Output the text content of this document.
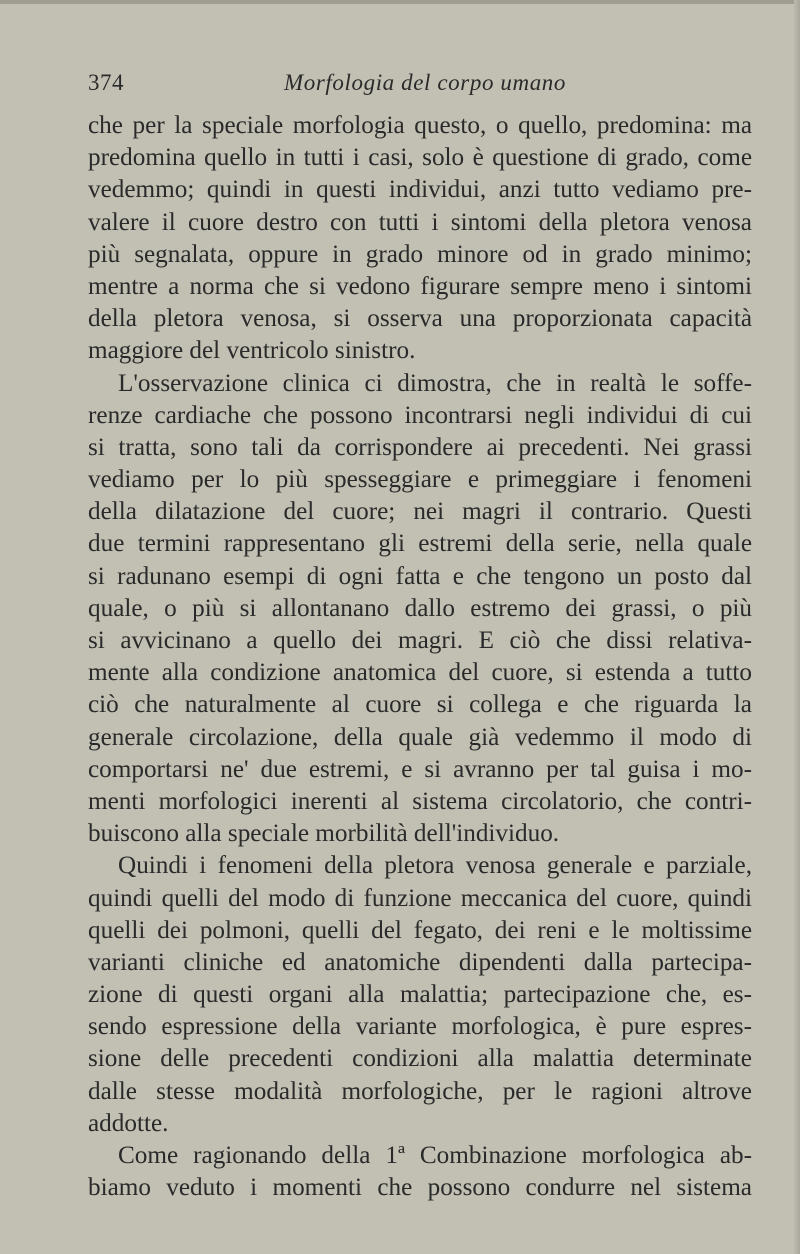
374	Morfologia del corpo umano
che per la speciale morfologia questo, o quello, predomina: ma
predomina quello in tutti i casi, solo è questione di grado, come
vedemmo; quindi in questi individui, anzi tutto vediamo pre-
valere il cuore destro con tutti i sintomi della pletora venosa
più segnalata, oppure in grado minore od in grado minimo;
mentre a norma che si vedono figurare sempre meno i sintomi
della pletora venosa, si osserva una proporzionata capacità
maggiore del ventricolo sinistro.
L'osservazione clinica ci dimostra, che in realtà le soffe-
renze cardiache che possono incontrarsi negli individui di cui
si tratta, sono tali da corrispondere ai precedenti. Nei grassi
vediamo per lo più spesseggiare e primeggiare i fenomeni
della dilatazione del cuore; nei magri il contrario. Questi
due termini rappresentano gli estremi della serie, nella quale
si radunano esempi di ogni fatta e che tengono un posto dal
quale, o più si allontanano dallo estremo dei grassi, o più
si avvicinano a quello dei magri. E ciò che dissi relativa-
mente alla condizione anatomica del cuore, si estenda a tutto
ciò che naturalmente al cuore si collega e che riguarda la
generale circolazione, della quale già vedemmo il modo di
comportarsi ne' due estremi, e si avranno per tal guisa i mo-
menti morfologici inerenti al sistema circolatorio, che contri-
buiscono alla speciale morbilità dell'individuo.
Quindi i fenomeni della pletora venosa generale e parziale,
quindi quelli del modo di funzione meccanica del cuore, quindi
quelli dei polmoni, quelli del fegato, dei reni e le moltissime
varianti cliniche ed anatomiche dipendenti dalla partecipa-
zione di questi organi alla malattia; partecipazione che, es-
sendo espressione della variante morfologica, è pure espres-
sione delle precedenti condizioni alla malattia determinate
dalle stesse modalità morfologiche, per le ragioni altrove
addotte.
Come ragionando della 1ª Combinazione morfologica ab-
biamo veduto i momenti che possono condurre nel sistema
